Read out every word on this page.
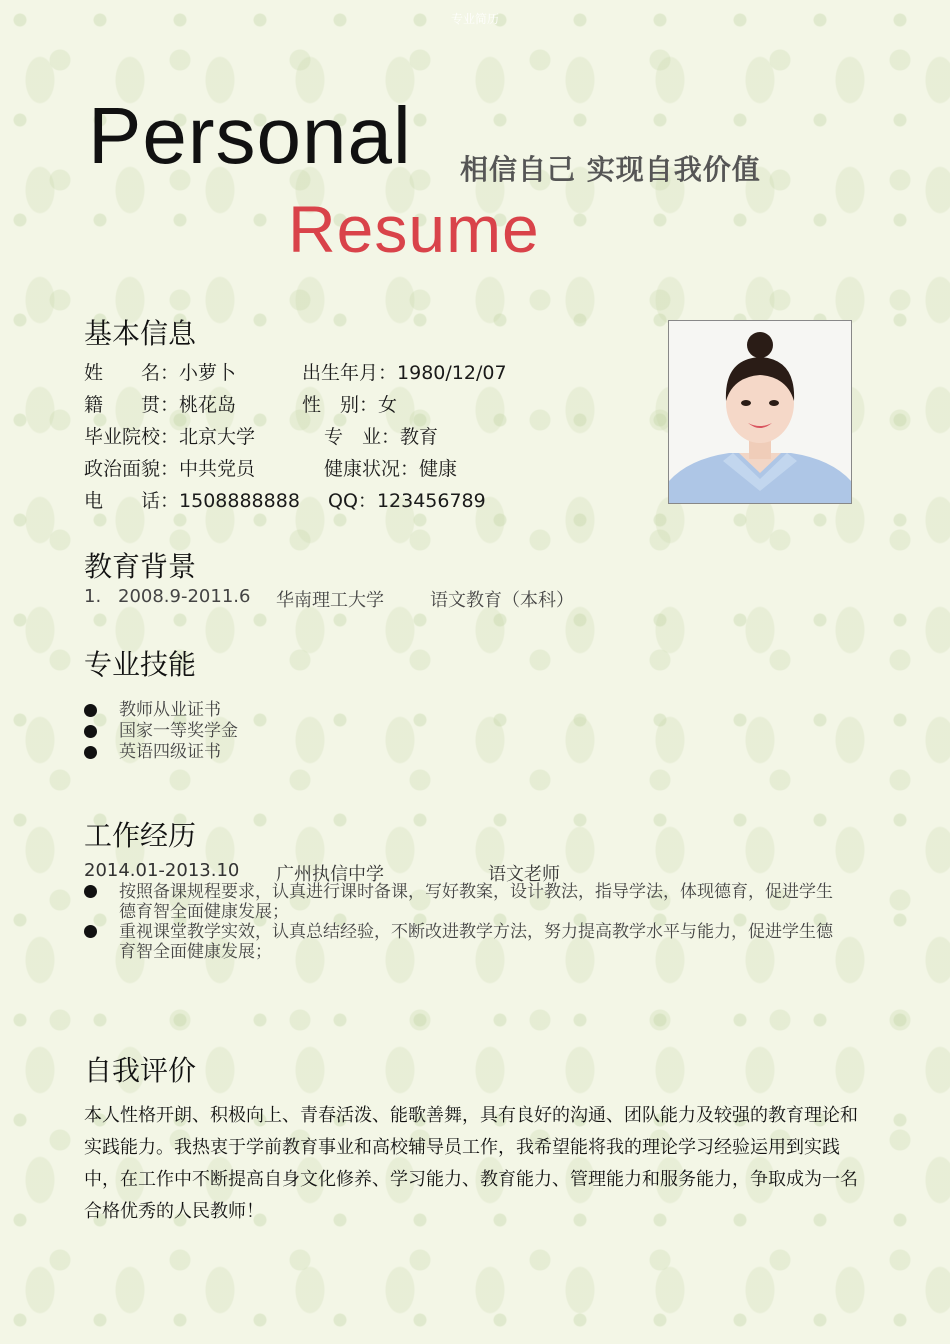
专业简历
Personal 相信自己 实现自我价值
Resume
基本信息
姓　　名：小萝卜	出生年月：1980/12/07
籍　　贯：桃花岛	性　别：女
毕业院校：北京大学	专　业：教育
政治面貌：中共党员	健康状况：健康
电　　话：1508888888 QQ：123456789
教育背景
1. 2008.9-2011.6 华南理工大学	语文教育（本科）
专业技能
教师从业证书
国家一等奖学金
英语四级证书
工作经历
2014.01-2013.10 广州执信中学	语文老师
按照备课规程要求，认真进行课时备课，写好教案，设计教法，指导学法，体现德育，促进学生德育智全面健康发展；
重视课堂教学实效，认真总结经验，不断改进教学方法，努力提高教学水平与能力，促进学生德育智全面健康发展；
自我评价
本人性格开朗、积极向上、青春活泼、能歌善舞，具有良好的沟通、团队能力及较强的教育理论和实践能力。我热衷于学前教育事业和高校辅导员工作，我希望能将我的理论学习经验运用到实践中，在工作中不断提高自身文化修养、学习能力、教育能力、管理能力和服务能力，争取成为一名合格优秀的人民教师！
